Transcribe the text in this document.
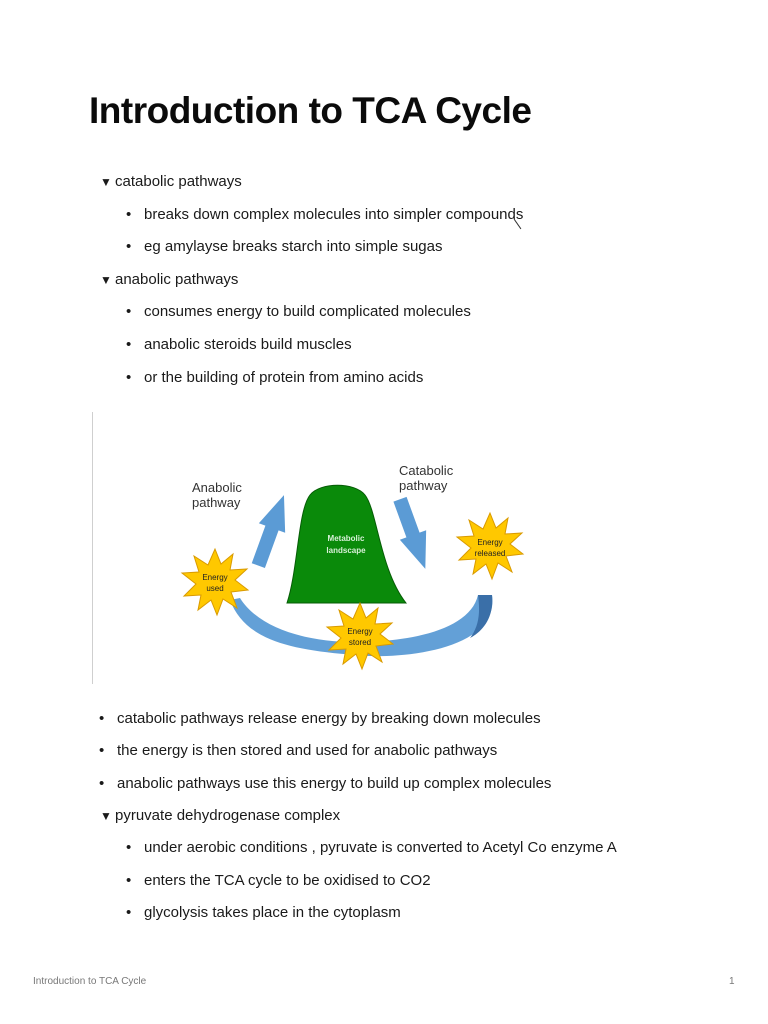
Introduction to TCA Cycle
▼ catabolic pathways
• breaks down complex molecules into simpler compounds
• eg amylayse breaks starch into simple sugas
▼ anabolic pathways
• consumes energy to build complicated molecules
• anabolic steroids build muscles
• or the building of protein from amino acids
Metabolic
landscape
Anabolic
pathway
Catabolic
pathway
Energy
used
Energy
released
Energy
stored
• catabolic pathways release energy by breaking down molecules
• the energy is then stored and used for anabolic pathways
• anabolic pathways use this energy to build up complex molecules
▼ pyruvate dehydrogenase complex
• under aerobic conditions , pyruvate is converted to Acetyl Co enzyme A
• enters the TCA cycle to be oxidised to CO2
• glycolysis takes place in the cytoplasm
Introduction to TCA Cycle	1
